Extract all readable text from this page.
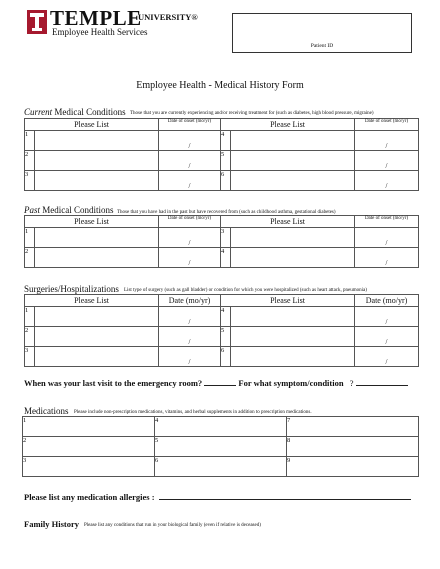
TEMPLE
UNIVERSITY®
Employee Health Services
Patient ID
Employee Health - Medical History Form
Current Medical Conditions Those that you are currently experiencing and/or receiving treatment for (such as diabetes, high blood pressure, migraine)
Please List		Date of onset (mo/yr)	Please List		Date of onset (mo/yr)
1		/	4		/
2		/	5		/
3		/	6		/
Past Medical Conditions Those that you have had in the past but have recovered from (such as childhood asthma, gestational diabetes)
Please List		Date of onset (mo/yr)	Please List		Date of onset (mo/yr)
1		/	3		/
2		/	4		/
Surgeries/Hospitalizations List type of surgery (such as gall bladder) or condition for which you were hospitalized (such as heart attack, pneumonia)
Please List		Date (mo/yr)	Please List		Date (mo/yr)
1		/	4		/
2		/	5		/
3		/	6		/
When was your last visit to the emergency room?	For what symptom/condition ?
Medications Please include non-prescription medications, vitamins, and herbal supplements in addition to prescription medications.
1	4	7
2	5	8
3	6	9
Please list any medication allergies :
Family History Please list any conditions that run in your biological family (even if relative is deceased)
